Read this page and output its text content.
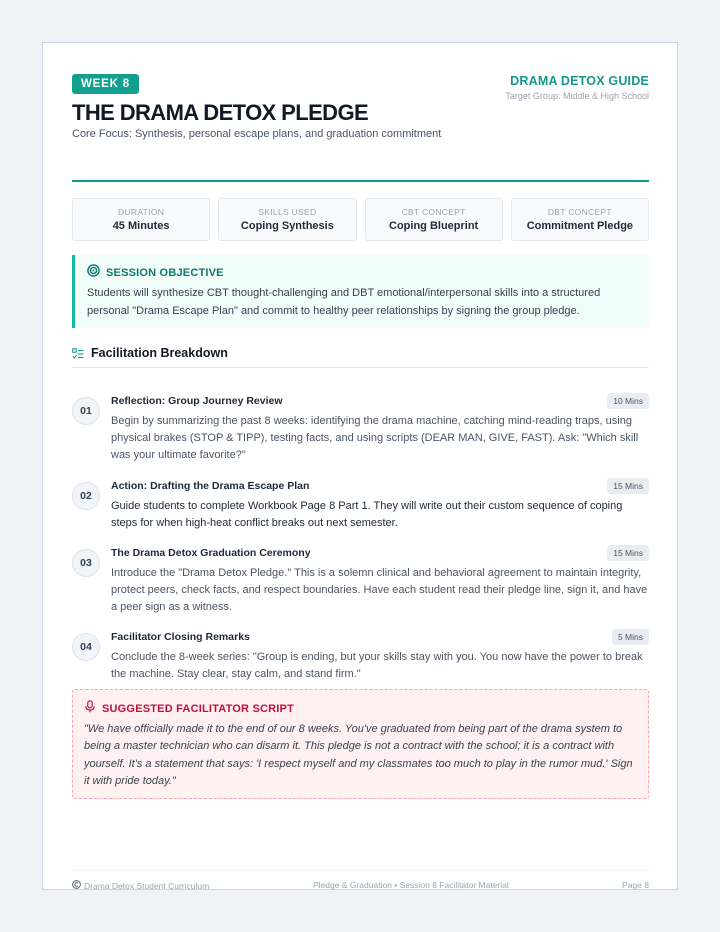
WEEK 8
THE DRAMA DETOX PLEDGE
Core Focus: Synthesis, personal escape plans, and graduation commitment
DRAMA DETOX GUIDE
Target Group: Middle & High School
DURATION
45 Minutes
SKILLS USED
Coping Synthesis
CBT CONCEPT
Coping Blueprint
DBT CONCEPT
Commitment Pledge
SESSION OBJECTIVE
Students will synthesize CBT thought-challenging and DBT emotional/interpersonal skills into a structured personal "Drama Escape Plan" and commit to healthy peer relationships by signing the group pledge.
Facilitation Breakdown
01
Reflection: Group Journey Review	10 Mins
Begin by summarizing the past 8 weeks: identifying the drama machine, catching mind-reading traps, using physical brakes (STOP & TIPP), testing facts, and using scripts (DEAR MAN, GIVE, FAST). Ask: "Which skill was your ultimate favorite?"
02
Action: Drafting the Drama Escape Plan	15 Mins
Guide students to complete Workbook Page 8 Part 1. They will write out their custom sequence of coping steps for when high-heat conflict breaks out next semester.
03
The Drama Detox Graduation Ceremony	15 Mins
Introduce the "Drama Detox Pledge." This is a solemn clinical and behavioral agreement to maintain integrity, protect peers, check facts, and respect boundaries. Have each student read their pledge line, sign it, and have a peer sign as a witness.
04
Facilitator Closing Remarks	5 Mins
Conclude the 8-week series: "Group is ending, but your skills stay with you. You now have the power to break the machine. Stay clear, stay calm, and stand firm."
SUGGESTED FACILITATOR SCRIPT
"We have officially made it to the end of our 8 weeks. You've graduated from being part of the drama system to being a master technician who can disarm it. This pledge is not a contract with the school; it is a contract with yourself. It's a statement that says: 'I respect myself and my classmates too much to play in the rumor mud.' Sign it with pride today."
Drama Detox Student Curriculum	Pledge & Graduation • Session 8 Facilitator Material	Page 8
